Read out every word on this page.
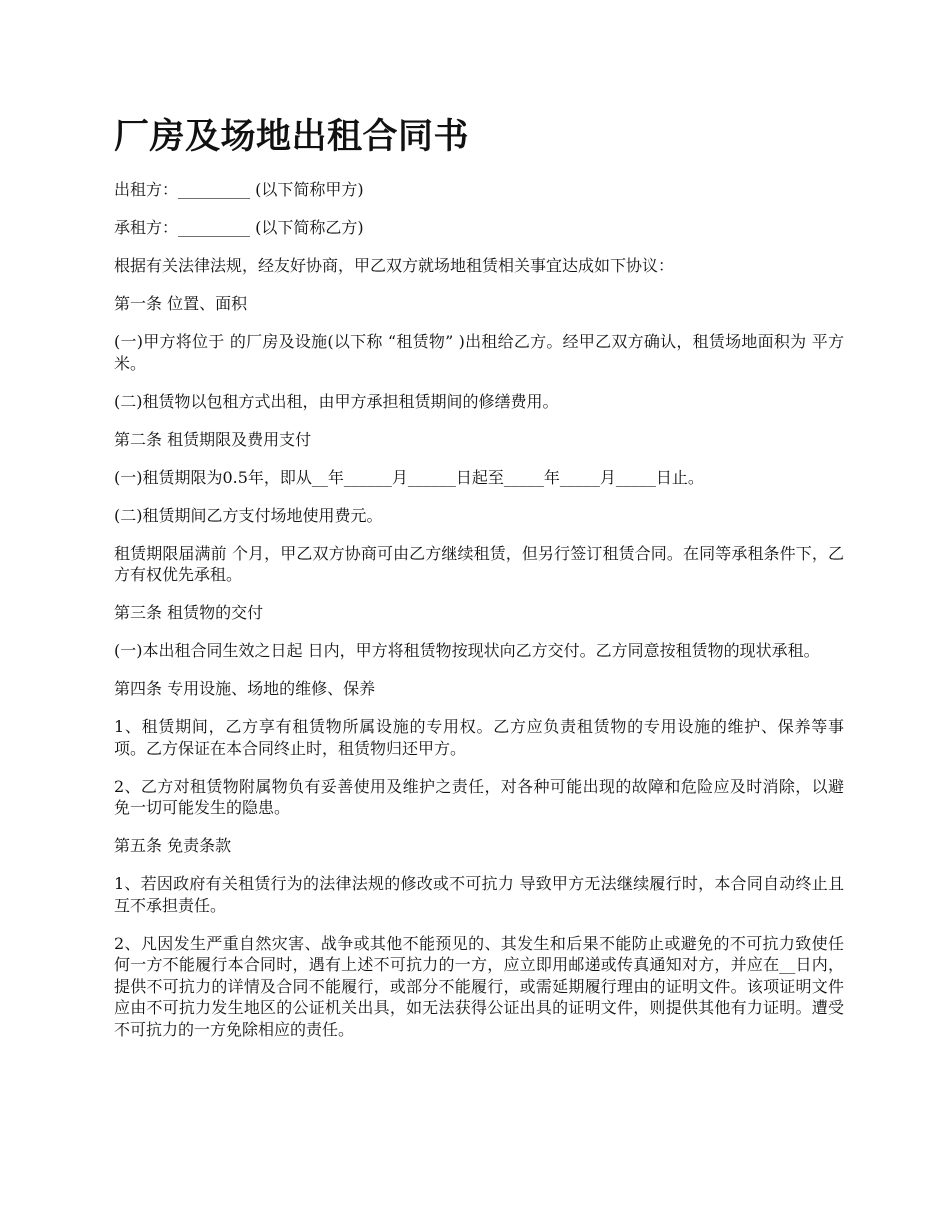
厂房及场地出租合同书

出租方：_________ (以下简称甲方)

承租方：_________ (以下简称乙方)

根据有关法律法规，经友好协商，甲乙双方就场地租赁相关事宜达成如下协议：

第一条 位置、面积

(一)甲方将位于 的厂房及设施(以下称 “租赁物” )出租给乙方。经甲乙双方确认，租赁场地面积为 平方米。

(二)租赁物以包租方式出租，由甲方承担租赁期间的修缮费用。

第二条 租赁期限及费用支付

(一)租赁期限为0.5年，即从__年______月______日起至_____年_____月_____日止。

(二)租赁期间乙方支付场地使用费元。

租赁期限届满前 个月，甲乙双方协商可由乙方继续租赁，但另行签订租赁合同。在同等承租条件下，乙方有权优先承租。

第三条 租赁物的交付

(一)本出租合同生效之日起 日内，甲方将租赁物按现状向乙方交付。乙方同意按租赁物的现状承租。

第四条 专用设施、场地的维修、保养

1、租赁期间，乙方享有租赁物所属设施的专用权。乙方应负责租赁物的专用设施的维护、保养等事项。乙方保证在本合同终止时，租赁物归还甲方。

2、乙方对租赁物附属物负有妥善使用及维护之责任，对各种可能出现的故障和危险应及时消除，以避免一切可能发生的隐患。

第五条 免责条款

1、若因政府有关租赁行为的法律法规的修改或不可抗力 导致甲方无法继续履行时，本合同自动终止且互不承担责任。

2、凡因发生严重自然灾害、战争或其他不能预见的、其发生和后果不能防止或避免的不可抗力致使任何一方不能履行本合同时，遇有上述不可抗力的一方，应立即用邮递或传真通知对方，并应在__日内，提供不可抗力的详情及合同不能履行，或部分不能履行，或需延期履行理由的证明文件。该项证明文件应由不可抗力发生地区的公证机关出具，如无法获得公证出具的证明文件，则提供其他有力证明。遭受不可抗力的一方免除相应的责任。
